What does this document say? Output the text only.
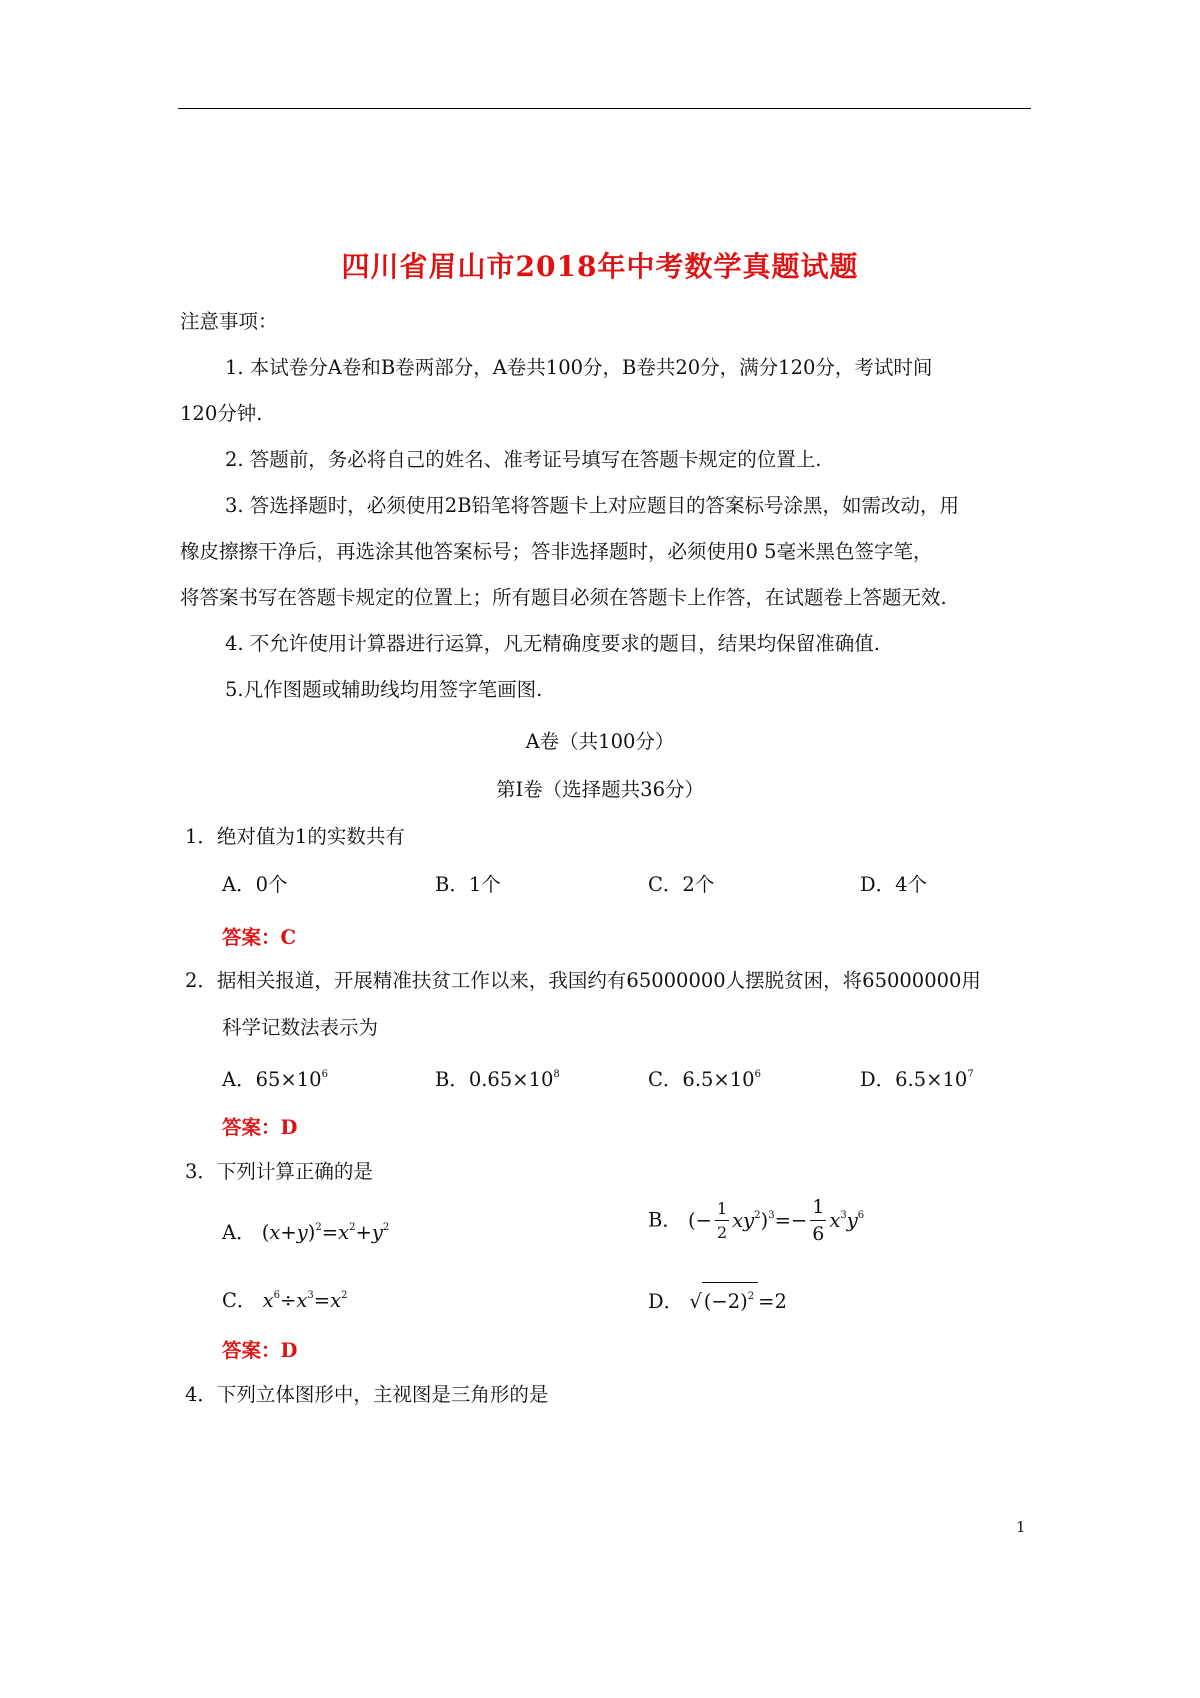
四川省眉山市2018年中考数学真题试题
注意事项：
1. 本试卷分A卷和B卷两部分，A卷共100分，B卷共20分，满分120分，考试时间
120分钟.
2. 答题前，务必将自己的姓名、准考证号填写在答题卡规定的位置上.
3. 答选择题时，必须使用2B铅笔将答题卡上对应题目的答案标号涂黑，如需改动，用
橡皮擦擦干净后，再选涂其他答案标号；答非选择题时，必须使用0 5毫米黑色签字笔，
将答案书写在答题卡规定的位置上；所有题目必须在答题卡上作答，在试题卷上答题无效.
4. 不允许使用计算器进行运算，凡无精确度要求的题目，结果均保留准确值.
5.凡作图题或辅助线均用签字笔画图.
A卷（共100分）
第Ⅰ卷（选择题共36分）
1．绝对值为1的实数共有
A．0个	B．1个	C．2个	D．4个
答案：C
2．据相关报道，开展精准扶贫工作以来，我国约有65000000人摆脱贫困，将65000000用
科学记数法表示为
A．$65\times 10^6$	B．$0.65\times 10^8$	C．$6.5\times 10^6$	D．$6.5\times 10^7$
答案：D
3．下列计算正确的是
A． $(x+y)^2=x^2+y^2$	B． (− $\frac{1}{2} xy^2)^3=- \frac{1}{6} x^3y^6$
C． $x^6\div x^3=x^2$	D． √ $(-2)^2 =2$
答案：D
4．下列立体图形中，主视图是三角形的是
1
